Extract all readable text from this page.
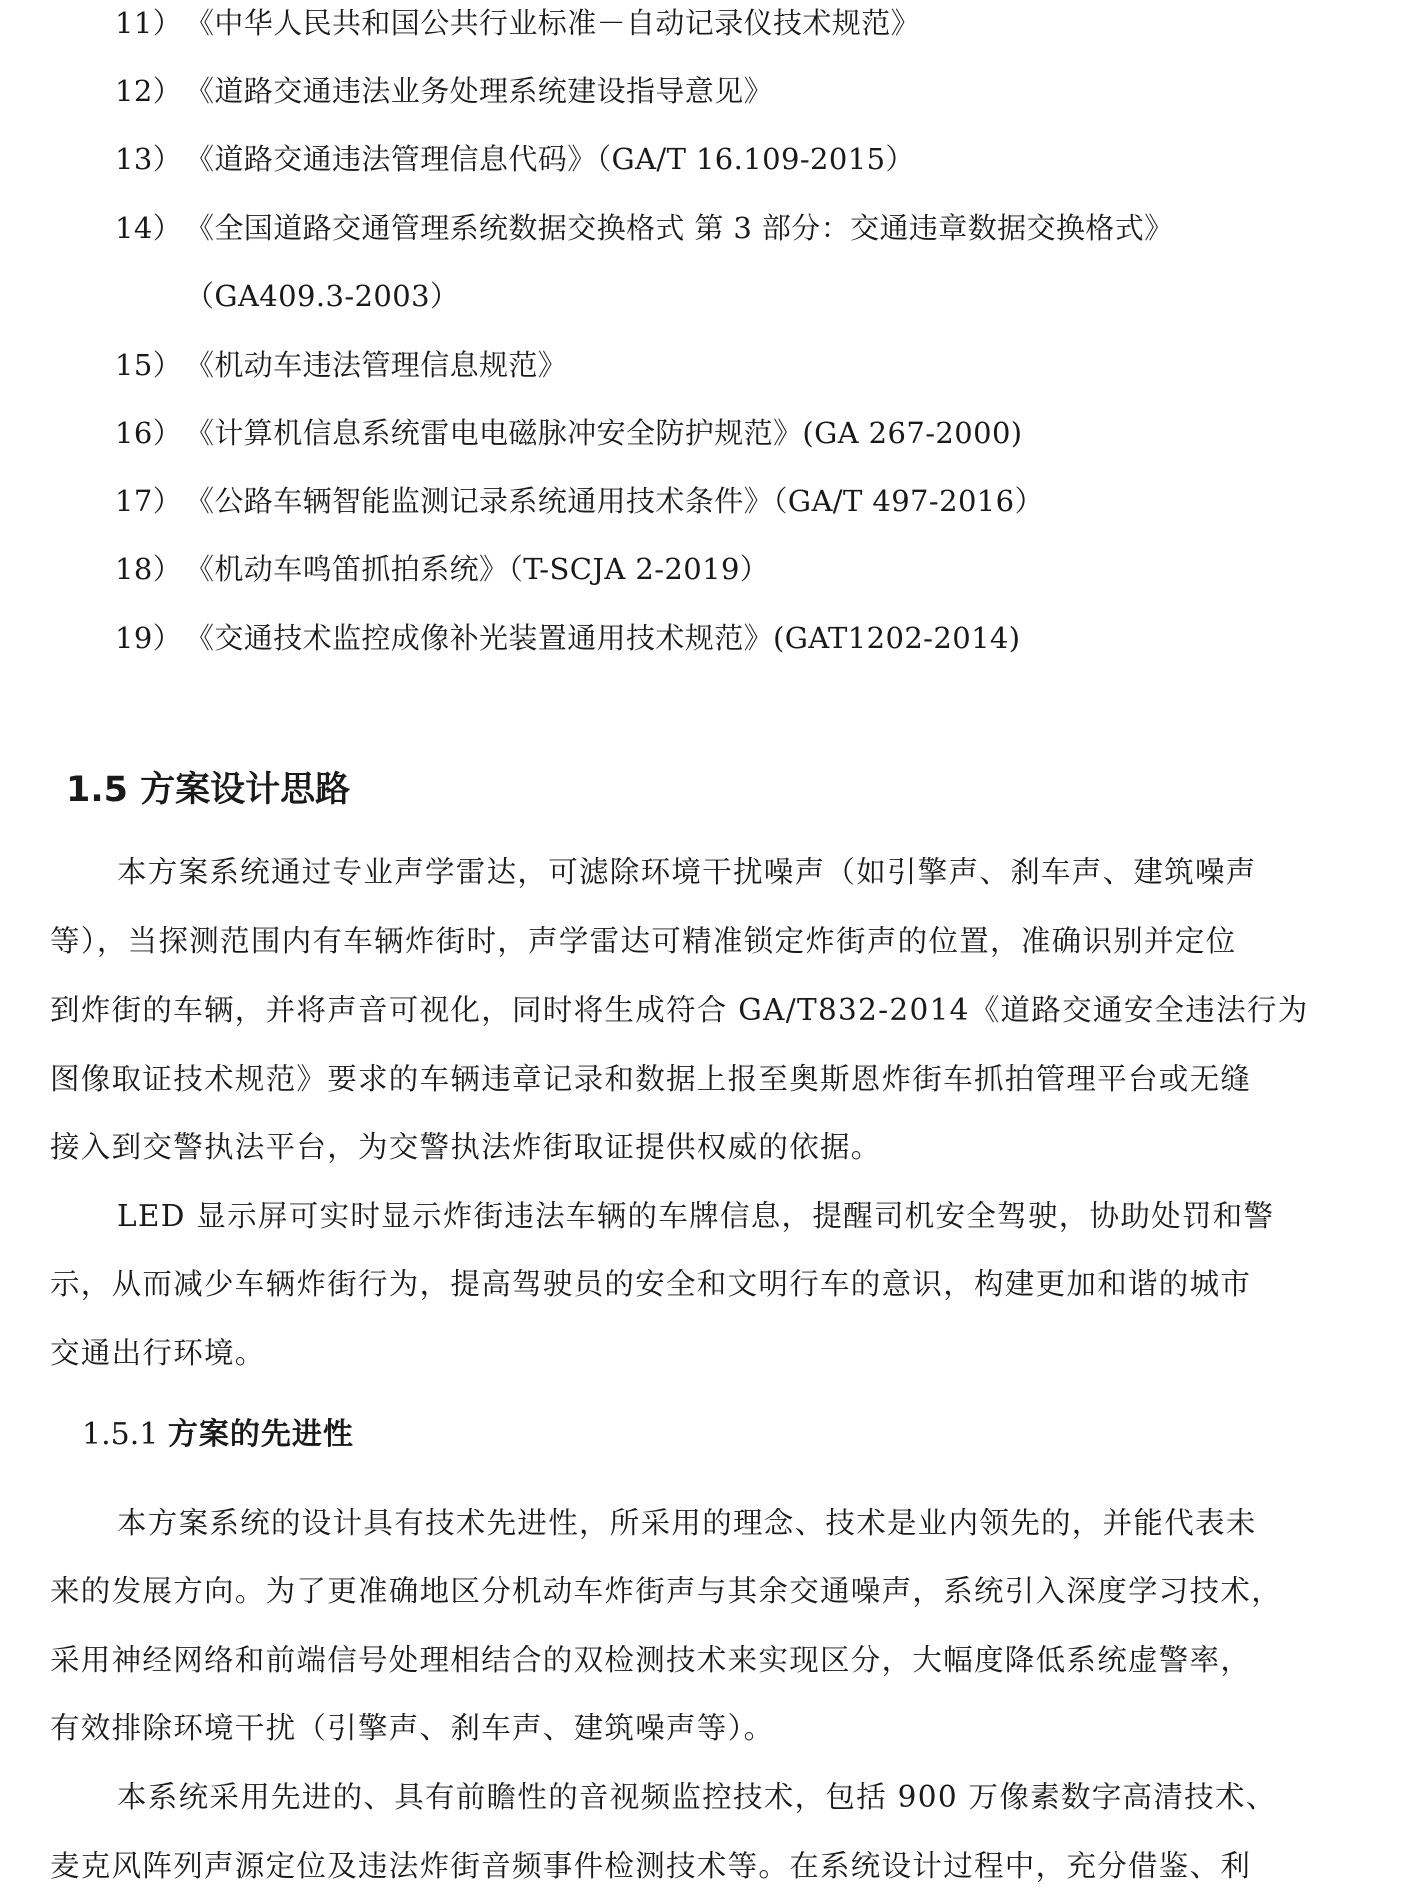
11）《中华人民共和国公共行业标准－自动记录仪技术规范》
12）《道路交通违法业务处理系统建设指导意见》
13）《道路交通违法管理信息代码》（GA/T 16.109-2015）
14）《全国道路交通管理系统数据交换格式 第 3 部分：交通违章数据交换格式》
（GA409.3-2003）
15）《机动车违法管理信息规范》
16）《计算机信息系统雷电电磁脉冲安全防护规范》(GA 267-2000)
17）《公路车辆智能监测记录系统通用技术条件》（GA/T 497-2016）
18）《机动车鸣笛抓拍系统》（T-SCJA 2-2019）
19）《交通技术监控成像补光装置通用技术规范》(GAT1202-2014)
1.5 方案设计思路
本方案系统通过专业声学雷达，可滤除环境干扰噪声（如引擎声、刹车声、建筑噪声
等），当探测范围内有车辆炸街时，声学雷达可精准锁定炸街声的位置，准确识别并定位
到炸街的车辆，并将声音可视化，同时将生成符合 GA/T832-2014《道路交通安全违法行为
图像取证技术规范》要求的车辆违章记录和数据上报至奥斯恩炸街车抓拍管理平台或无缝
接入到交警执法平台，为交警执法炸街取证提供权威的依据。
LED 显示屏可实时显示炸街违法车辆的车牌信息，提醒司机安全驾驶，协助处罚和警
示，从而减少车辆炸街行为，提高驾驶员的安全和文明行车的意识，构建更加和谐的城市
交通出行环境。
1.5.1 方案的先进性
本方案系统的设计具有技术先进性，所采用的理念、技术是业内领先的，并能代表未
来的发展方向。为了更准确地区分机动车炸街声与其余交通噪声，系统引入深度学习技术，
采用神经网络和前端信号处理相结合的双检测技术来实现区分，大幅度降低系统虚警率，
有效排除环境干扰（引擎声、刹车声、建筑噪声等）。
本系统采用先进的、具有前瞻性的音视频监控技术，包括 900 万像素数字高清技术、
麦克风阵列声源定位及违法炸街音频事件检测技术等。在系统设计过程中，充分借鉴、利
